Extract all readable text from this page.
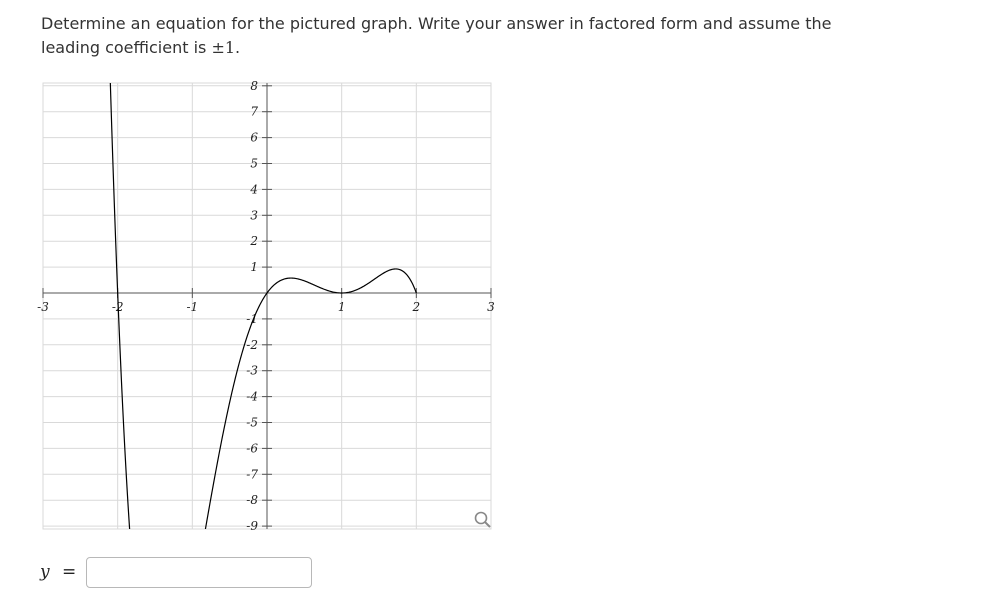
Determine an equation for the pictured graph. Write your answer in factored form and assume the leading coefficient is ±1.
-3	-2	-1	1	2	3
8
7
6
5
4
3
2
1
-1
-2
-3
-4
-5
-6
-7
-8
-9
y =
